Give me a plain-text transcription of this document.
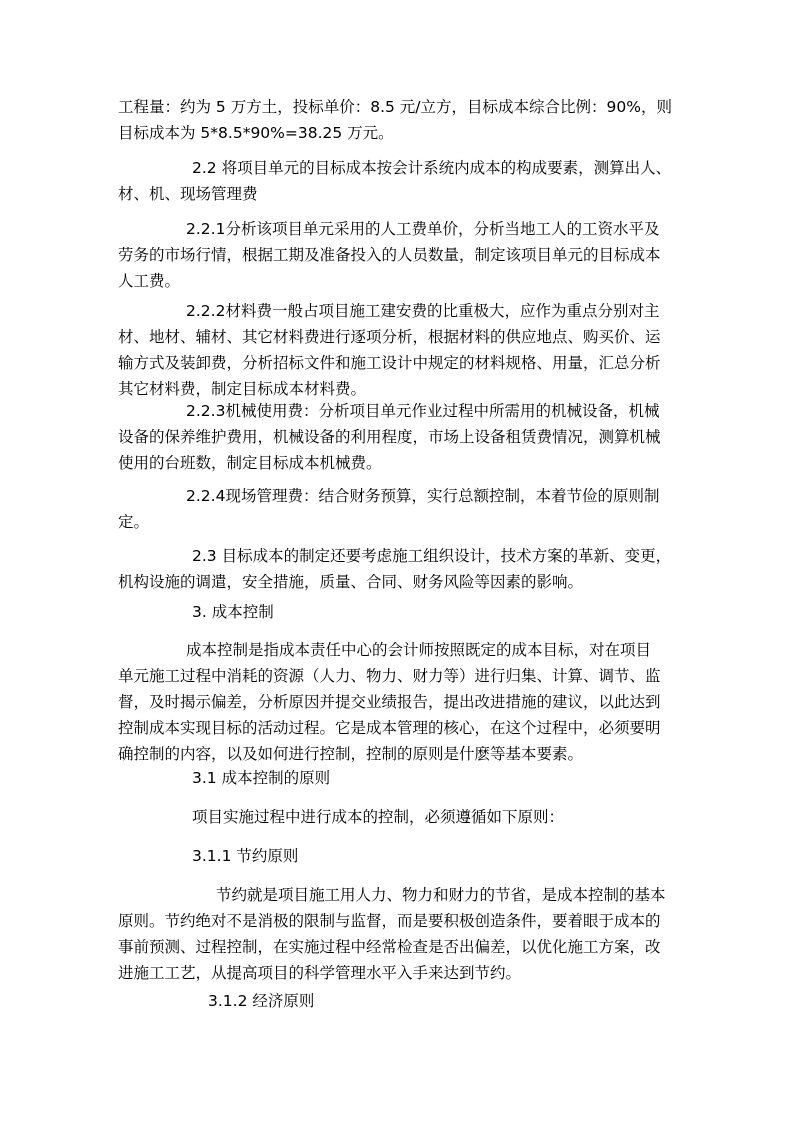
工程量：约为 5 万方土，投标单价：8.5 元/立方，目标成本综合比例：90%，则
目标成本为 5*8.5*90%=38.25 万元。

2.2 将项目单元的目标成本按会计系统内成本的构成要素，测算出人、
材、机、现场管理费

2.2.1分析该项目单元采用的人工费单价，分析当地工人的工资水平及
劳务的市场行情，根据工期及准备投入的人员数量，制定该项目单元的目标成本
人工费。

2.2.2材料费一般占项目施工建安费的比重极大，应作为重点分别对主
材、地材、辅材、其它材料费进行逐项分析，根据材料的供应地点、购买价、运
输方式及装卸费，分析招标文件和施工设计中规定的材料规格、用量，汇总分析
其它材料费，制定目标成本材料费。

2.2.3机械使用费：分析项目单元作业过程中所需用的机械设备，机械
设备的保养维护费用，机械设备的利用程度，市场上设备租赁费情况，测算机械
使用的台班数，制定目标成本机械费。

2.2.4现场管理费：结合财务预算，实行总额控制，本着节俭的原则制
定。

2.3 目标成本的制定还要考虑施工组织设计，技术方案的革新、变更，
机构设施的调遣，安全措施，质量、合同、财务风险等因素的影响。

3. 成本控制

成本控制是指成本责任中心的会计师按照既定的成本目标，对在项目
单元施工过程中消耗的资源（人力、物力、财力等）进行归集、计算、调节、监
督，及时揭示偏差，分析原因并提交业绩报告，提出改进措施的建议，以此达到
控制成本实现目标的活动过程。它是成本管理的核心，在这个过程中，必须要明
确控制的内容，以及如何进行控制，控制的原则是什麽等基本要素。

3.1 成本控制的原则

项目实施过程中进行成本的控制，必须遵循如下原则：

3.1.1 节约原则

节约就是项目施工用人力、物力和财力的节省，是成本控制的基本
原则。节约绝对不是消极的限制与监督，而是要积极创造条件，要着眼于成本的
事前预测、过程控制，在实施过程中经常检查是否出偏差，以优化施工方案，改
进施工工艺，从提高项目的科学管理水平入手来达到节约。

3.1.2 经济原则
